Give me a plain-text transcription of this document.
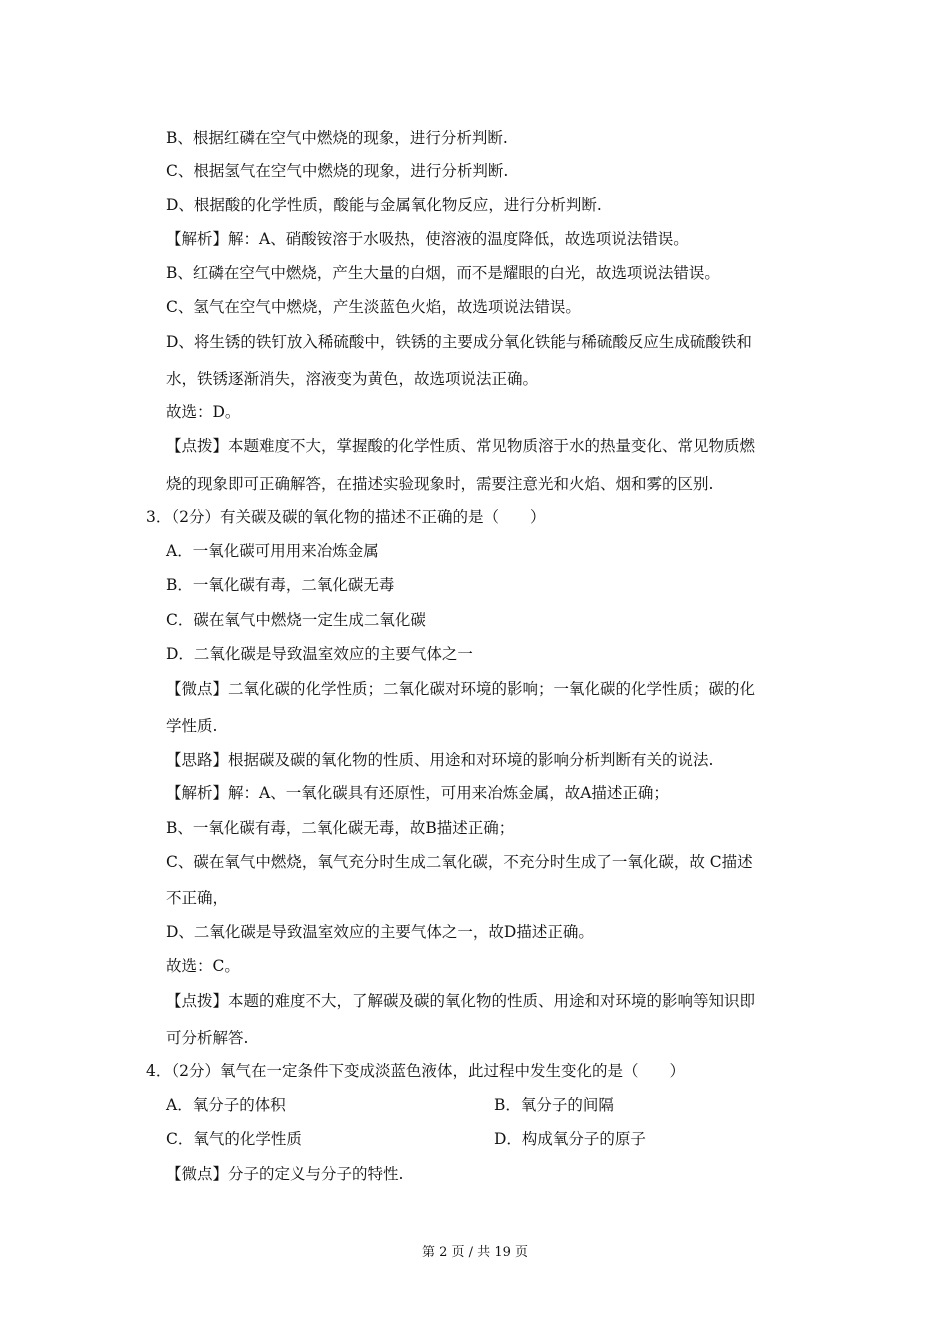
B、根据红磷在空气中燃烧的现象，进行分析判断.
C、根据氢气在空气中燃烧的现象，进行分析判断.
D、根据酸的化学性质，酸能与金属氧化物反应，进行分析判断.
【解析】解：A、硝酸铵溶于水吸热，使溶液的温度降低，故选项说法错误。
B、红磷在空气中燃烧，产生大量的白烟，而不是耀眼的白光，故选项说法错误。
C、氢气在空气中燃烧，产生淡蓝色火焰，故选项说法错误。
D、将生锈的铁钉放入稀硫酸中，铁锈的主要成分氧化铁能与稀硫酸反应生成硫酸铁和
水，铁锈逐渐消失，溶液变为黄色，故选项说法正确。
故选：D。
【点拨】本题难度不大，掌握酸的化学性质、常见物质溶于水的热量变化、常见物质燃
烧的现象即可正确解答，在描述实验现象时，需要注意光和火焰、烟和雾的区别.
3．（2分）有关碳及碳的氧化物的描述不正确的是（　　）
A．一氧化碳可用用来冶炼金属
B．一氧化碳有毒，二氧化碳无毒
C．碳在氧气中燃烧一定生成二氧化碳
D．二氧化碳是导致温室效应的主要气体之一
【微点】二氧化碳的化学性质；二氧化碳对环境的影响；一氧化碳的化学性质；碳的化
学性质.
【思路】根据碳及碳的氧化物的性质、用途和对环境的影响分析判断有关的说法.
【解析】解：A、一氧化碳具有还原性，可用来冶炼金属，故A描述正确；
B、一氧化碳有毒，二氧化碳无毒，故B描述正确；
C、碳在氧气中燃烧，氧气充分时生成二氧化碳，不充分时生成了一氧化碳，故 C描述
不正确，
D、二氧化碳是导致温室效应的主要气体之一，故D描述正确。
故选：C。
【点拨】本题的难度不大，了解碳及碳的氧化物的性质、用途和对环境的影响等知识即
可分析解答.
4．（2分）氧气在一定条件下变成淡蓝色液体，此过程中发生变化的是（　　）
A．氧分子的体积	B．氧分子的间隔
C．氧气的化学性质	D．构成氧分子的原子
【微点】分子的定义与分子的特性.
第 2 页 / 共 19 页
